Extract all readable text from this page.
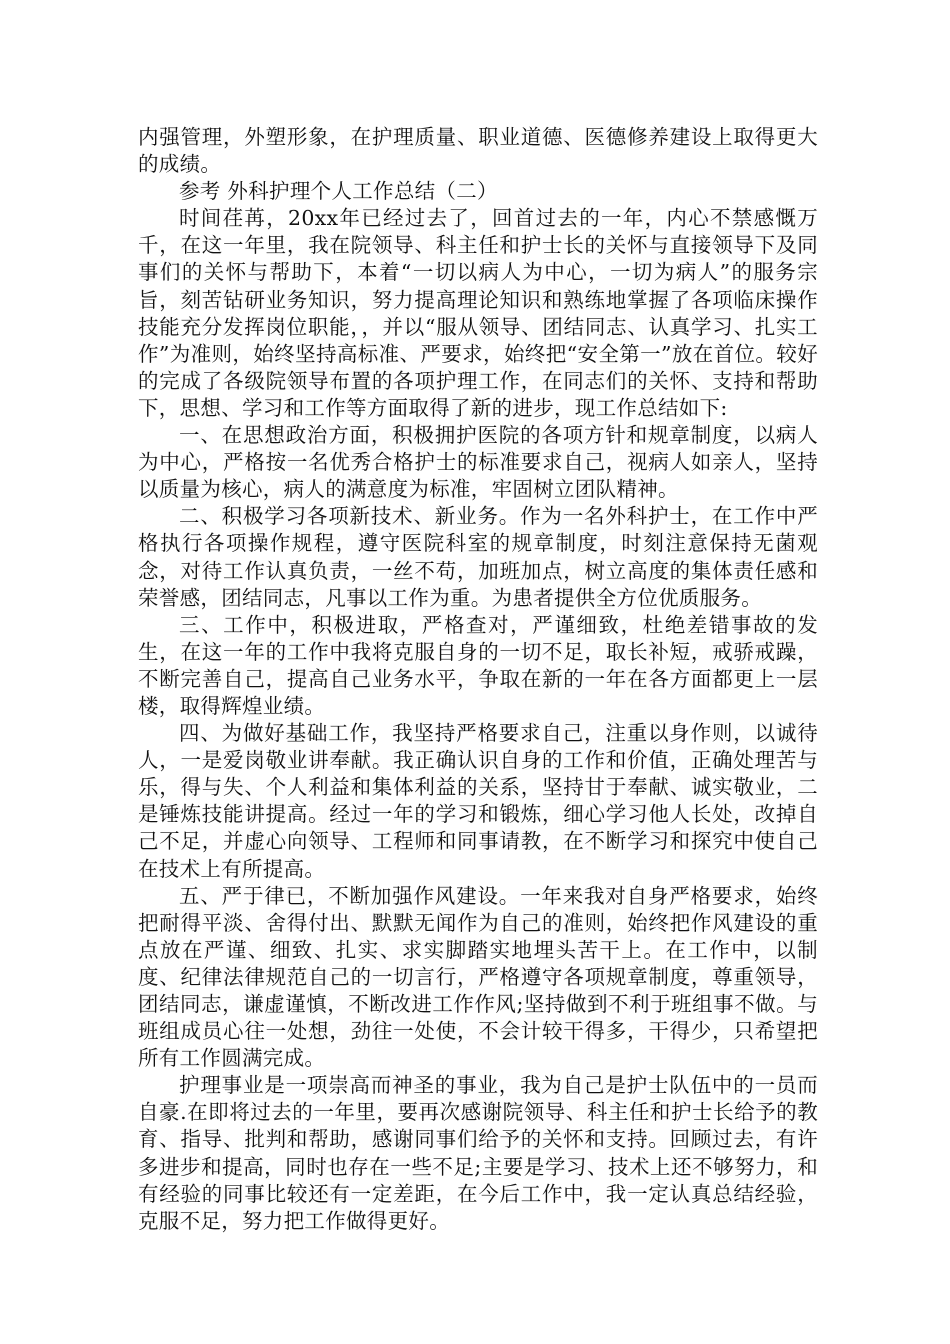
内强管理，外塑形象，在护理质量、职业道德、医德修养建设上取得更大的成绩。

参考 外科护理个人工作总结（二）

时间荏苒，20xx年已经过去了，回首过去的一年，内心不禁感慨万千，在这一年里，我在院领导、科主任和护士长的关怀与直接领导下及同事们的关怀与帮助下，本着“一切以病人为中心，一切为病人”的服务宗旨，刻苦钻研业务知识，努力提高理论知识和熟练地掌握了各项临床操作技能充分发挥岗位职能，，并以“服从领导、团结同志、认真学习、扎实工作”为准则，始终坚持高标准、严要求，始终把“安全第一”放在首位。较好的完成了各级院领导布置的各项护理工作，在同志们的关怀、支持和帮助下，思想、学习和工作等方面取得了新的进步，现工作总结如下:

一、在思想政治方面，积极拥护医院的各项方针和规章制度，以病人为中心，严格按一名优秀合格护士的标准要求自己，视病人如亲人，坚持以质量为核心，病人的满意度为标准，牢固树立团队精神。

二、积极学习各项新技术、新业务。作为一名外科护士，在工作中严格执行各项操作规程，遵守医院科室的规章制度，时刻注意保持无菌观念，对待工作认真负责，一丝不苟，加班加点，树立高度的集体责任感和荣誉感，团结同志，凡事以工作为重。为患者提供全方位优质服务。

三、工作中，积极进取，严格查对，严谨细致，杜绝差错事故的发生，在这一年的工作中我将克服自身的一切不足，取长补短，戒骄戒躁，不断完善自己，提高自己业务水平，争取在新的一年在各方面都更上一层楼，取得辉煌业绩。

四、为做好基础工作，我坚持严格要求自己，注重以身作则，以诚待人，一是爱岗敬业讲奉献。我正确认识自身的工作和价值，正确处理苦与乐，得与失、个人利益和集体利益的关系，坚持甘于奉献、诚实敬业，二是锤炼技能讲提高。经过一年的学习和锻炼，细心学习他人长处，改掉自己不足，并虚心向领导、工程师和同事请教，在不断学习和探究中使自己在技术上有所提高。

五、严于律已，不断加强作风建设。一年来我对自身严格要求，始终把耐得平淡、舍得付出、默默无闻作为自己的准则，始终把作风建设的重点放在严谨、细致、扎实、求实脚踏实地埋头苦干上。在工作中，以制度、纪律法律规范自己的一切言行，严格遵守各项规章制度，尊重领导，团结同志，谦虚谨慎，不断改进工作作风;坚持做到不利于班组事不做。与班组成员心往一处想，劲往一处使，不会计较干得多，干得少，只希望把所有工作圆满完成。

护理事业是一项崇高而神圣的事业，我为自己是护士队伍中的一员而自豪.在即将过去的一年里，要再次感谢院领导、科主任和护士长给予的教育、指导、批判和帮助，感谢同事们给予的关怀和支持。回顾过去，有许多进步和提高，同时也存在一些不足;主要是学习、技术上还不够努力，和有经验的同事比较还有一定差距，在今后工作中，我一定认真总结经验，克服不足，努力把工作做得更好。
